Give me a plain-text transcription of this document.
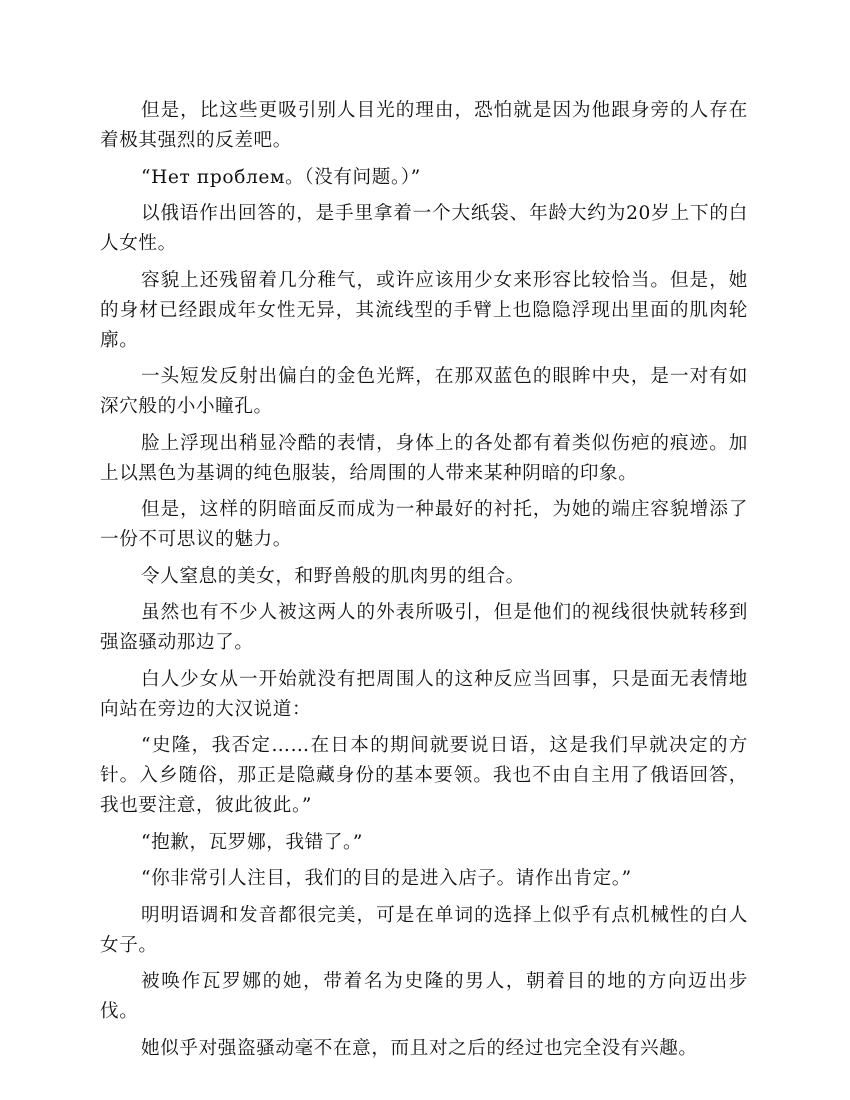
但是，比这些更吸引别人目光的理由，恐怕就是因为他跟身旁的人存在着极其强烈的反差吧。

“Нет проблем。（没有问题。）”

以俄语作出回答的，是手里拿着一个大纸袋、年龄大约为20岁上下的白人女性。

容貌上还残留着几分稚气，或许应该用少女来形容比较恰当。但是，她的身材已经跟成年女性无异，其流线型的手臂上也隐隐浮现出里面的肌肉轮廓。

一头短发反射出偏白的金色光辉，在那双蓝色的眼眸中央，是一对有如深穴般的小小瞳孔。

脸上浮现出稍显冷酷的表情，身体上的各处都有着类似伤疤的痕迹。加上以黑色为基调的纯色服装，给周围的人带来某种阴暗的印象。

但是，这样的阴暗面反而成为一种最好的衬托，为她的端庄容貌增添了一份不可思议的魅力。

令人窒息的美女，和野兽般的肌肉男的组合。

虽然也有不少人被这两人的外表所吸引，但是他们的视线很快就转移到强盗骚动那边了。

白人少女从一开始就没有把周围人的这种反应当回事，只是面无表情地向站在旁边的大汉说道：

“史隆，我否定……在日本的期间就要说日语，这是我们早就决定的方针。入乡随俗，那正是隐藏身份的基本要领。我也不由自主用了俄语回答，我也要注意，彼此彼此。”

“抱歉，瓦罗娜，我错了。”

“你非常引人注目，我们的目的是进入店子。请作出肯定。”

明明语调和发音都很完美，可是在单词的选择上似乎有点机械性的白人女子。

被唤作瓦罗娜的她，带着名为史隆的男人，朝着目的地的方向迈出步伐。

她似乎对强盗骚动毫不在意，而且对之后的经过也完全没有兴趣。
